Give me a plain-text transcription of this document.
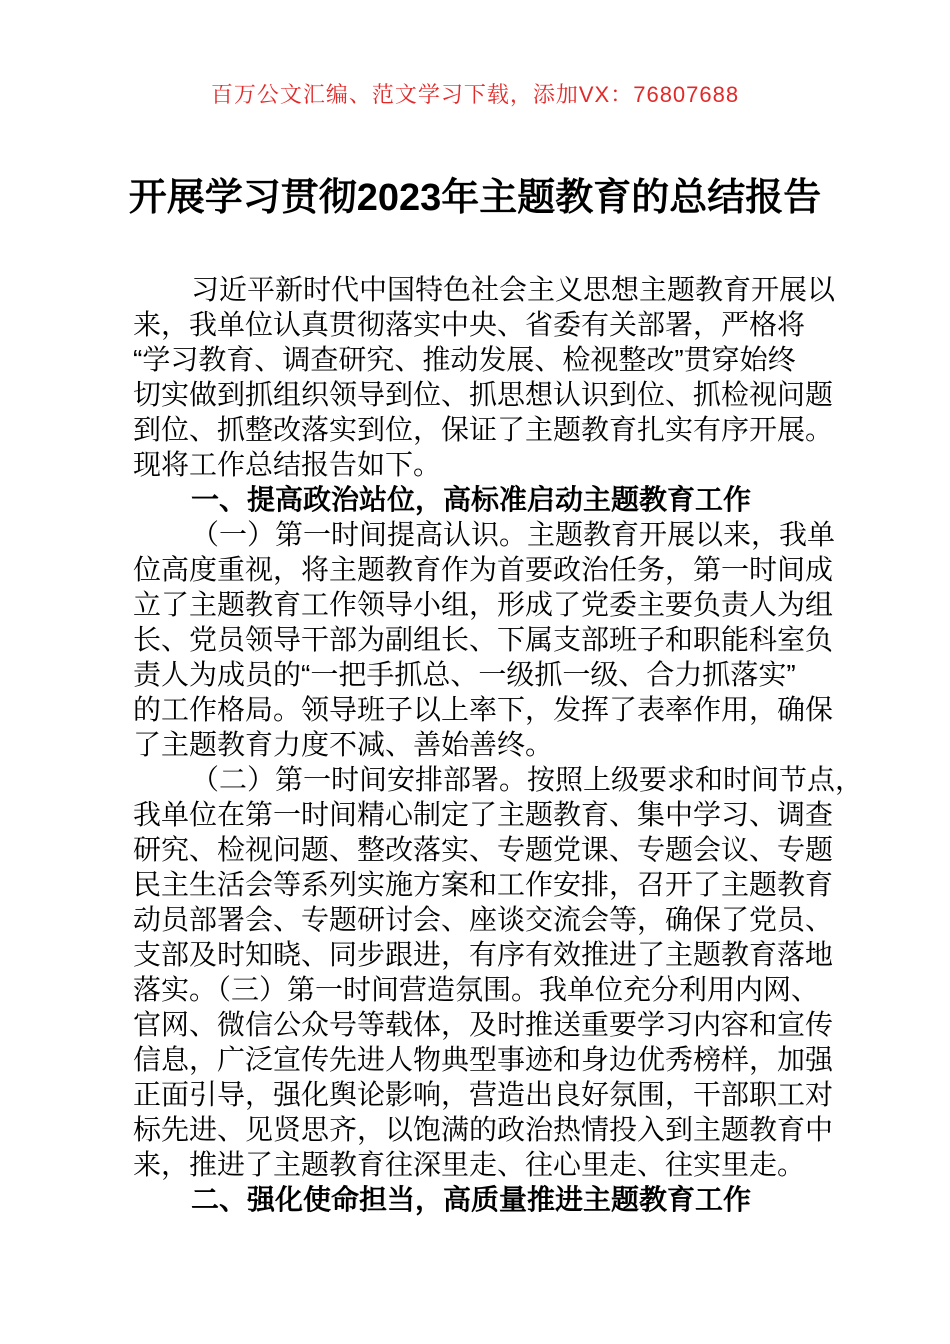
百万公文汇编、范文学习下载，添加VX：76807688
开展学习贯彻2023年主题教育的总结报告
习近平新时代中国特色社会主义思想主题教育开展以
来，我单位认真贯彻落实中央、省委有关部署，严格将
“学习教育、调查研究、推动发展、检视整改”贯穿始终
切实做到抓组织领导到位、抓思想认识到位、抓检视问题
到位、抓整改落实到位，保证了主题教育扎实有序开展。
现将工作总结报告如下。
一、提高政治站位，高标准启动主题教育工作
（一）第一时间提高认识。主题教育开展以来，我单
位高度重视，将主题教育作为首要政治任务，第一时间成
立了主题教育工作领导小组，形成了党委主要负责人为组
长、党员领导干部为副组长、下属支部班子和职能科室负
责人为成员的“一把手抓总、一级抓一级、合力抓落实”
的工作格局。领导班子以上率下，发挥了表率作用，确保
了主题教育力度不减、善始善终。
（二）第一时间安排部署。按照上级要求和时间节点，
我单位在第一时间精心制定了主题教育、集中学习、调查
研究、检视问题、整改落实、专题党课、专题会议、专题
民主生活会等系列实施方案和工作安排，召开了主题教育
动员部署会、专题研讨会、座谈交流会等，确保了党员、
支部及时知晓、同步跟进，有序有效推进了主题教育落地
落实。（三）第一时间营造氛围。我单位充分利用内网、
官网、微信公众号等载体，及时推送重要学习内容和宣传
信息，广泛宣传先进人物典型事迹和身边优秀榜样，加强
正面引导，强化舆论影响，营造出良好氛围，干部职工对
标先进、见贤思齐，以饱满的政治热情投入到主题教育中
来，推进了主题教育往深里走、往心里走、往实里走。
二、强化使命担当，高质量推进主题教育工作
